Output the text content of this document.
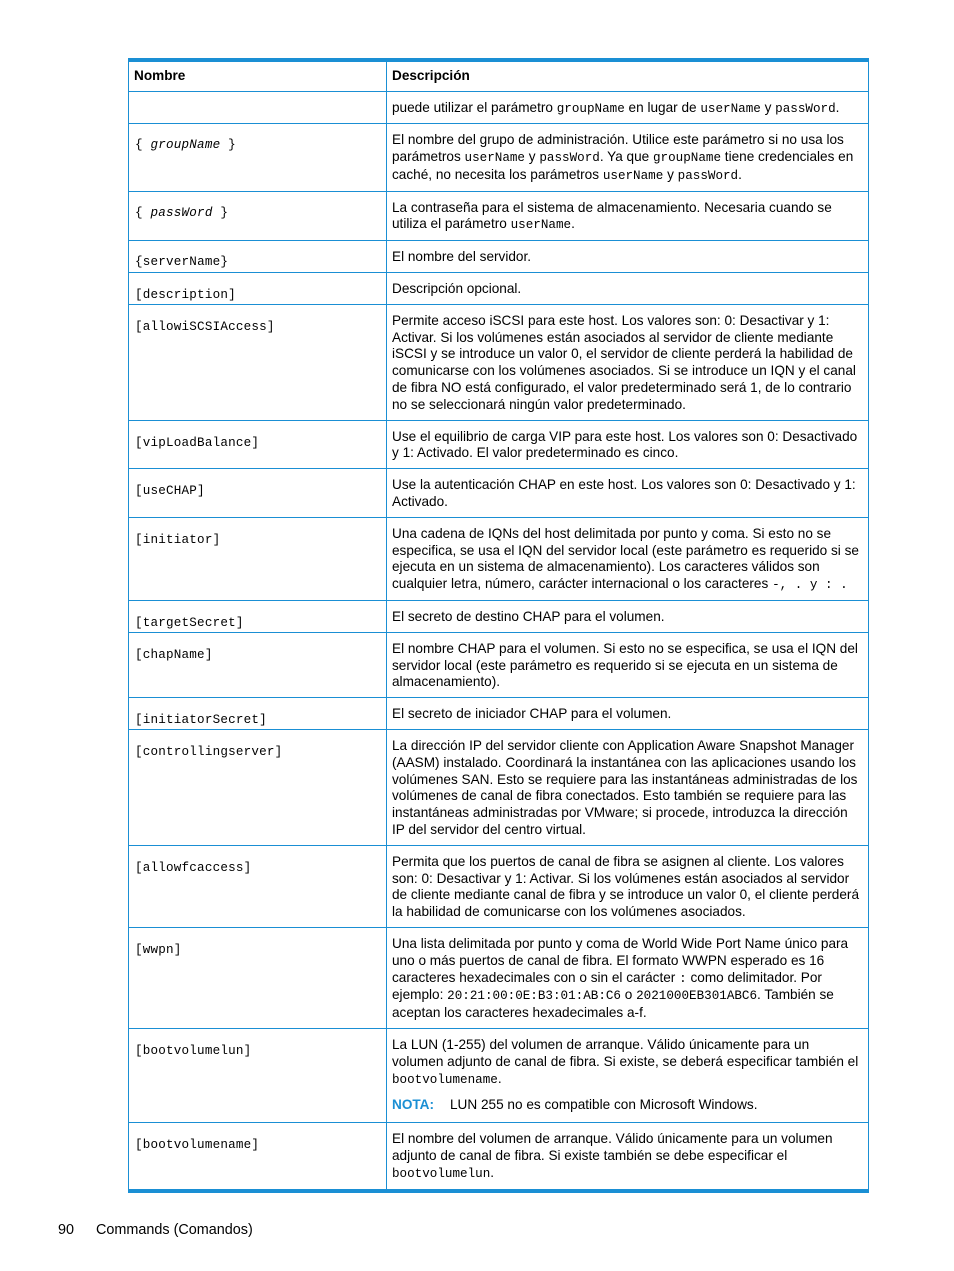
Nombre	Descripción

	puede utilizar el parámetro groupName en lugar de userName y passWord.

{ groupName }	El nombre del grupo de administración. Utilice este parámetro si no usa los parámetros userName y passWord. Ya que groupName tiene credenciales en caché, no necesita los parámetros userName y passWord.

{ passWord }	La contraseña para el sistema de almacenamiento. Necesaria cuando se utiliza el parámetro userName.

{serverName}	El nombre del servidor.

[description]	Descripción opcional.

[allowiSCSIAccess]	Permite acceso iSCSI para este host. Los valores son: 0: Desactivar y 1: Activar. Si los volúmenes están asociados al servidor de cliente mediante iSCSI y se introduce un valor 0, el servidor de cliente perderá la habilidad de comunicarse con los volúmenes asociados. Si se introduce un IQN y el canal de fibra NO está configurado, el valor predeterminado será 1, de lo contrario no se seleccionará ningún valor predeterminado.

[vipLoadBalance]	Use el equilibrio de carga VIP para este host. Los valores son 0: Desactivado y 1: Activado. El valor predeterminado es cinco.

[useCHAP]	Use la autenticación CHAP en este host. Los valores son 0: Desactivado y 1: Activado.

[initiator]	Una cadena de IQNs del host delimitada por punto y coma. Si esto no se especifica, se usa el IQN del servidor local (este parámetro es requerido si se ejecuta en un sistema de almacenamiento). Los caracteres válidos son cualquier letra, número, carácter internacional o los caracteres -, . y : .

[targetSecret]	El secreto de destino CHAP para el volumen.

[chapName]	El nombre CHAP para el volumen. Si esto no se especifica, se usa el IQN del servidor local (este parámetro es requerido si se ejecuta en un sistema de almacenamiento).

[initiatorSecret]	El secreto de iniciador CHAP para el volumen.

[controllingserver]	La dirección IP del servidor cliente con Application Aware Snapshot Manager (AASM) instalado. Coordinará la instantánea con las aplicaciones usando los volúmenes SAN. Esto se requiere para las instantáneas administradas de los volúmenes de canal de fibra conectados. Esto también se requiere para las instantáneas administradas por VMware; si procede, introduzca la dirección IP del servidor del centro virtual.

[allowfcaccess]	Permita que los puertos de canal de fibra se asignen al cliente. Los valores son: 0: Desactivar y 1: Activar. Si los volúmenes están asociados al servidor de cliente mediante canal de fibra y se introduce un valor 0, el cliente perderá la habilidad de comunicarse con los volúmenes asociados.

[wwpn]	Una lista delimitada por punto y coma de World Wide Port Name único para uno o más puertos de canal de fibra. El formato WWPN esperado es 16 caracteres hexadecimales con o sin el carácter : como delimitador. Por ejemplo: 20:21:00:0E:B3:01:AB:C6 o 2021000EB301ABC6. También se aceptan los caracteres hexadecimales a-f.

[bootvolumelun]	La LUN (1-255) del volumen de arranque. Válido únicamente para un volumen adjunto de canal de fibra. Si existe, se deberá especificar también el bootvolumename.
NOTA: LUN 255 no es compatible con Microsoft Windows.

[bootvolumename]	El nombre del volumen de arranque. Válido únicamente para un volumen adjunto de canal de fibra. Si existe también se debe especificar el bootvolumelun.
90 Commands (Comandos)
